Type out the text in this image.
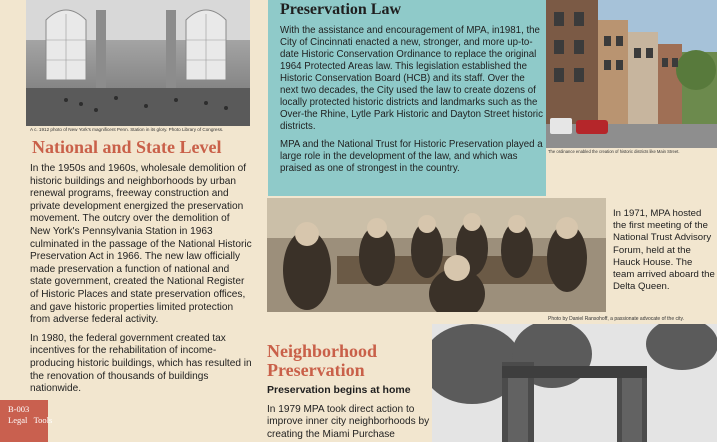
A c. 1912 photo of New York's magnificent Penn. Station in its glory. Photo Library of Congress.
National and State Level

In the 1950s and 1960s, wholesale demolition of historic buildings and neighborhoods by urban renewal programs, freeway construction and private development energized the preservation movement. The outcry over the demolition of New York's Pennsylvania Station in 1963 culminated in the passage of the National Historic Preservation Act in 1966. The new law officially made preservation a function of national and state government, created the National Register of Historic Places and state preservation offices, and gave historic properties limited protection from adverse federal activity.

In 1980, the federal government created tax incentives for the rehabilitation of income-producing historic buildings, which has resulted in the renovation of thousands of buildings nationwide.

B-003
Legal   Tools
Preservation Law

With the assistance and encouragement of MPA, in1981, the City of Cincinnati enacted a new, stronger, and more up-to-date Historic Conservation Ordinance to replace the original 1964 Protected Areas law. This legislation established the Historic Conservation Board (HCB) and its staff. Over the next two decades, the City used the law to create dozens of locally protected historic districts and landmarks such as the Over-the Rhine, Lytle Park Historic and Dayton Street historic districts.

MPA and the National Trust for Historic Preservation played a large role in the development of the law, and which was praised as one of strongest in the country.

The ordinance enabled the creation of historic districts like Main Street.
In 1971, MPA hosted the first meeting of the National Trust Advisory Forum, held at the Hauck House. The team arrived aboard the Delta Queen.
Photo by Daniel Ransohoff, a passionate advocate of the city.
Neighborhood
Preservation
Preservation begins at home
In 1979 MPA took direct action to improve inner city neighborhoods by creating the Miami Purchase
